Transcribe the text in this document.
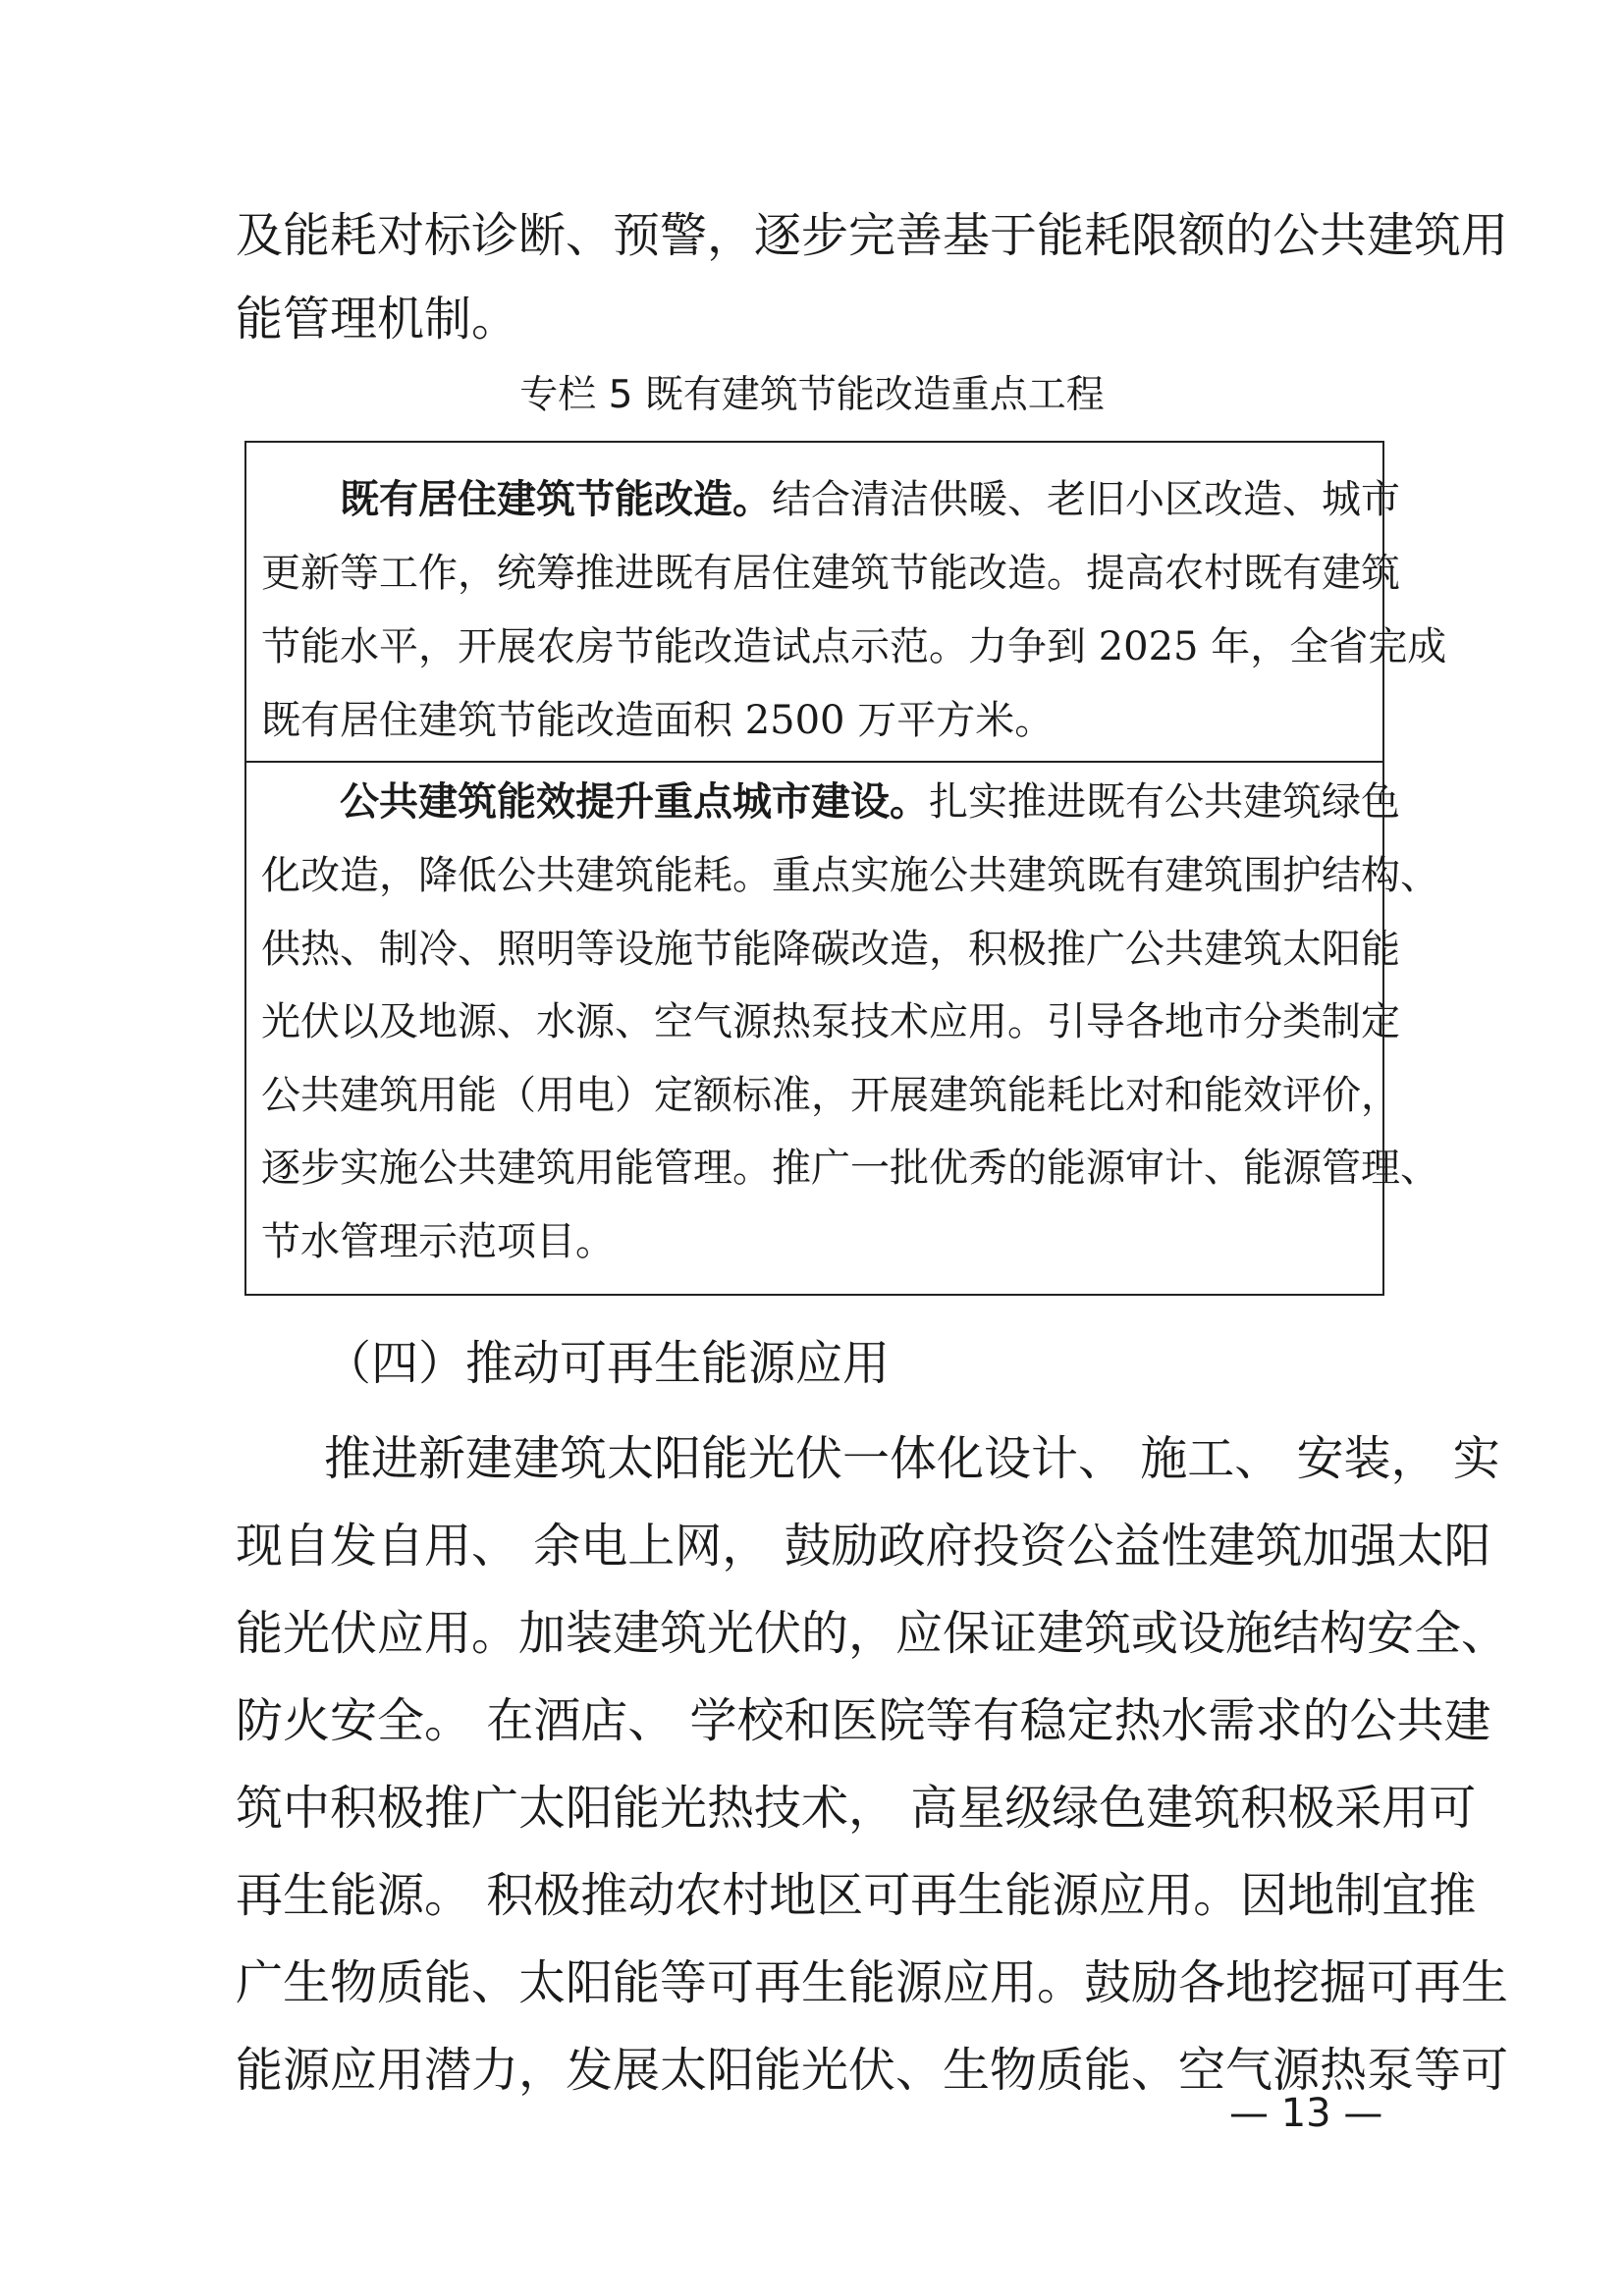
及能耗对标诊断、预警，逐步完善基于能耗限额的公共建筑用

能管理机制。

专栏 5 既有建筑节能改造重点工程

既有居住建筑节能改造。结合清洁供暖、老旧小区改造、城市

更新等工作，统筹推进既有居住建筑节能改造。提高农村既有建筑

节能水平，开展农房节能改造试点示范。力争到 2025 年，全省完成

既有居住建筑节能改造面积 2500 万平方米。

公共建筑能效提升重点城市建设。扎实推进既有公共建筑绿色

化改造，降低公共建筑能耗。重点实施公共建筑既有建筑围护结构、

供热、制冷、照明等设施节能降碳改造，积极推广公共建筑太阳能

光伏以及地源、水源、空气源热泵技术应用。引导各地市分类制定

公共建筑用能（用电）定额标准，开展建筑能耗比对和能效评价，

逐步实施公共建筑用能管理。推广一批优秀的能源审计、能源管理、

节水管理示范项目。

（四）推动可再生能源应用

推进新建建筑太阳能光伏一体化设计、 施工、 安装， 实

现自发自用、 余电上网， 鼓励政府投资公益性建筑加强太阳

能光伏应用。加装建筑光伏的，应保证建筑或设施结构安全、

防火安全。 在酒店、 学校和医院等有稳定热水需求的公共建

筑中积极推广太阳能光热技术， 高星级绿色建筑积极采用可

再生能源。 积极推动农村地区可再生能源应用。因地制宜推

广生物质能、太阳能等可再生能源应用。鼓励各地挖掘可再生

能源应用潜力，发展太阳能光伏、生物质能、空气源热泵等可

— 13 —
